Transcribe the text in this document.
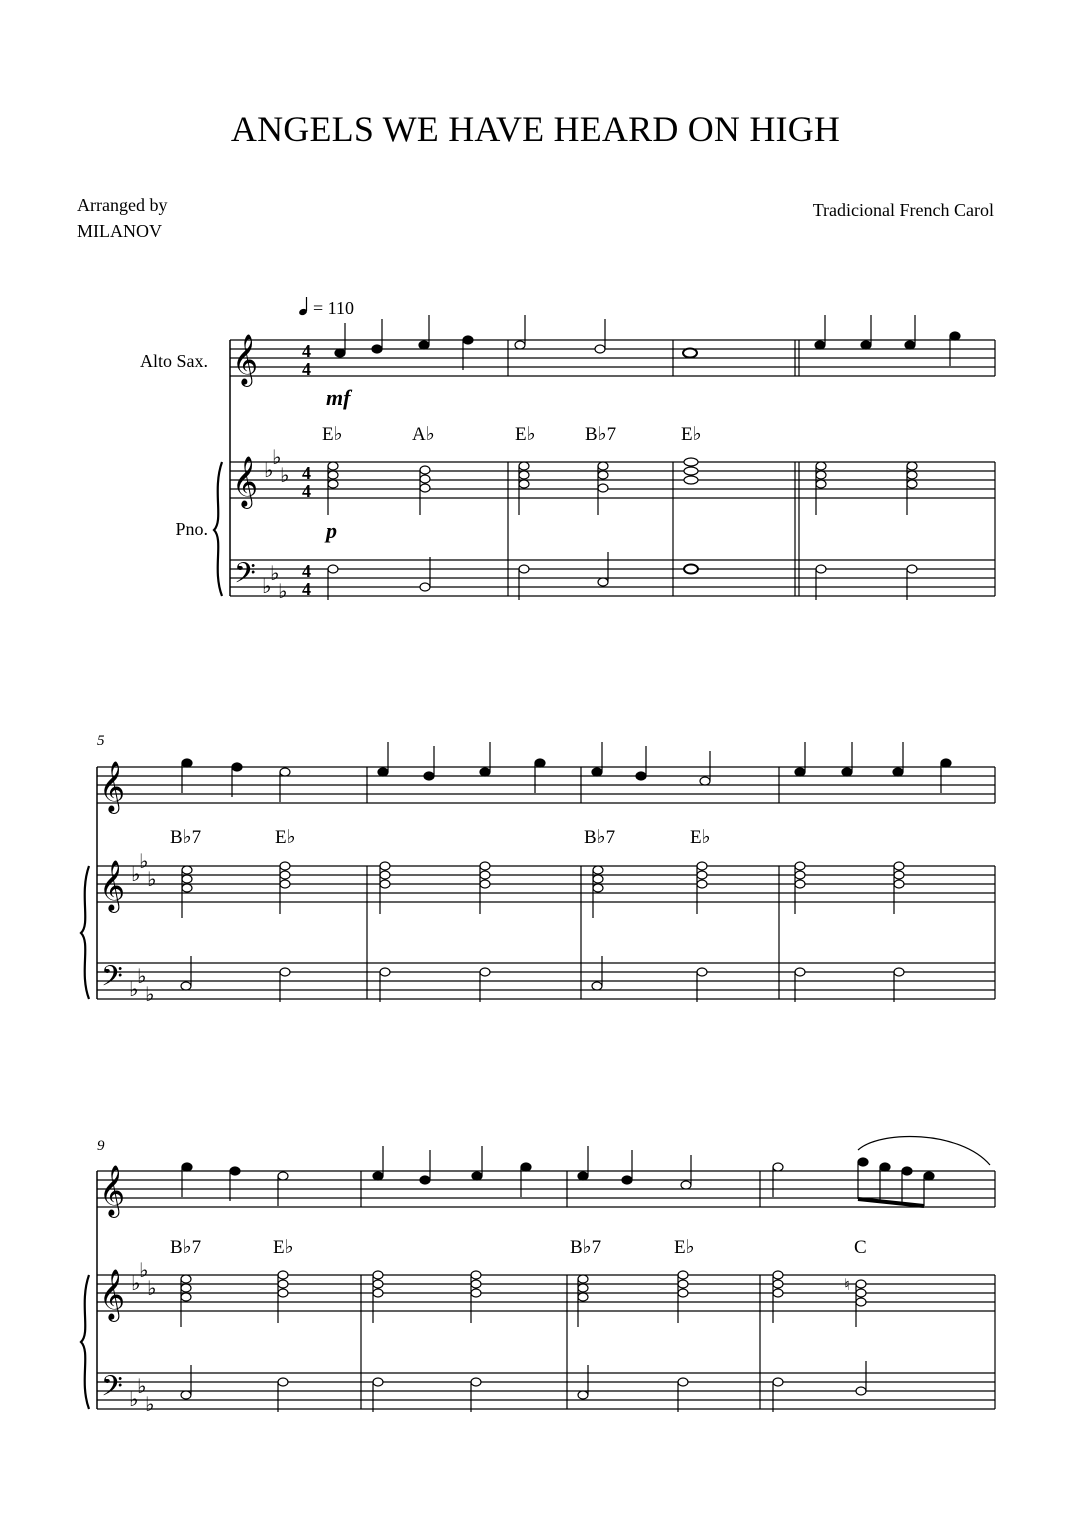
ANGELS WE HAVE HEARD ON HIGH
Arranged by
MILANOV
Tradicional French Carol
= 110
Alto Sax.
Pno.
𝄞
𝄞
𝄢
♭
♭
♭
♭
♭
♭
4
4
4
4
4
4
mf
p
E♭	A♭	E♭	B♭7	E♭
5
𝄞
𝄞
𝄢
♭
♭
♭
♭
♭
♭
B♭7	E♭	B♭7	E♭
9
𝄞
𝄞
𝄢
♭
♭
♭
♭
♭
♭
♮
B♭7	E♭	B♭7	E♭	C
